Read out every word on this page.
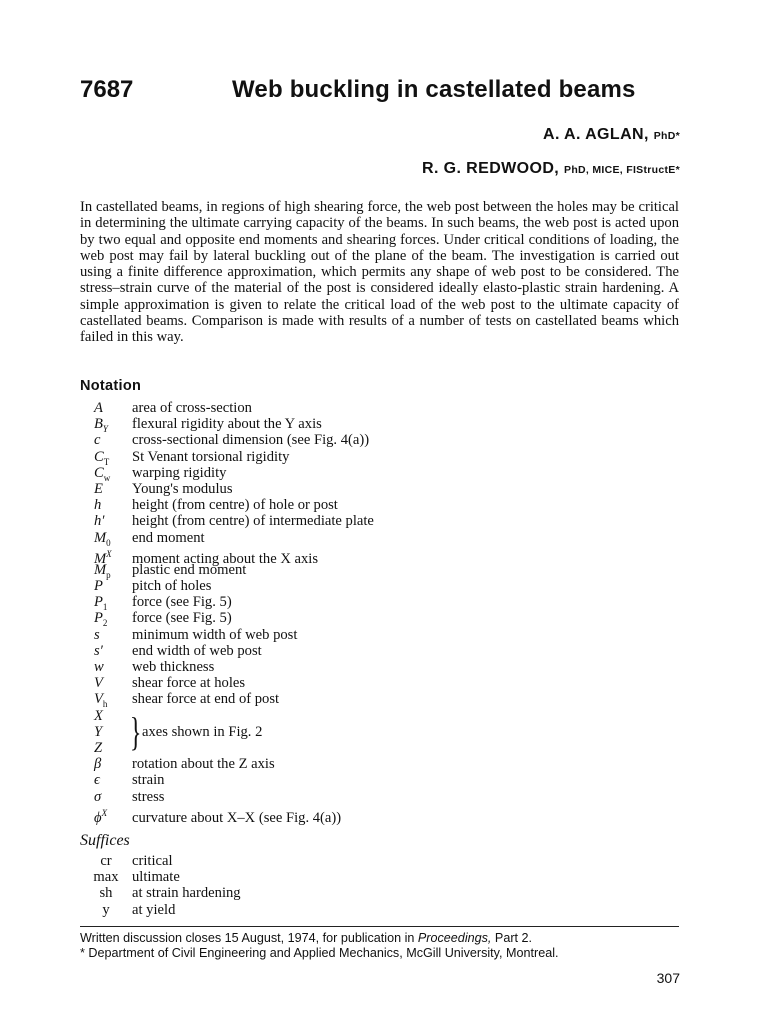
7687	Web buckling in castellated beams
A. A. AGLAN, PhD*
R. G. REDWOOD, PhD, MICE, FIStructE*

In castellated beams, in regions of high shearing force, the web post between the holes may be critical in determining the ultimate carrying capacity of the beams. In such beams, the web post is acted upon by two equal and opposite end moments and shearing forces. Under critical conditions of loading, the web post may fail by lateral buckling out of the plane of the beam. The investigation is carried out using a finite difference approximation, which permits any shape of web post to be considered. The stress–strain curve of the material of the post is considered ideally elasto-plastic strain hardening. A simple approximation is given to relate the critical load of the web post to the ultimate capacity of castellated beams. Comparison is made with results of a number of tests on castellated beams which failed in this way.

Notation
A area of cross-section
$B_Y$ flexural rigidity about the Y axis
c cross-sectional dimension (see Fig. 4(a))
$C_T$ St Venant torsional rigidity
$C_w$ warping rigidity
E Young's modulus
h height (from centre) of hole or post
h′ height (from centre) of intermediate plate
$M_0$ end moment
$M^X$ moment acting about the X axis
$M_p$ plastic end moment
P pitch of holes
$P_1$ force (see Fig. 5)
$P_2$ force (see Fig. 5)
s minimum width of web post
s′ end width of web post
w web thickness
V shear force at holes
$V_h$ shear force at end of post
X
Y
Z } axes shown in Fig. 2
β rotation about the Z axis
ϵ strain
σ stress
$\phi^X$ curvature about X–X (see Fig. 4(a))
Suffices
cr critical
max ultimate
sh at strain hardening
y at yield
Written discussion closes 15 August, 1974, for publication in Proceedings, Part 2.
* Department of Civil Engineering and Applied Mechanics, McGill University, Montreal.
307
